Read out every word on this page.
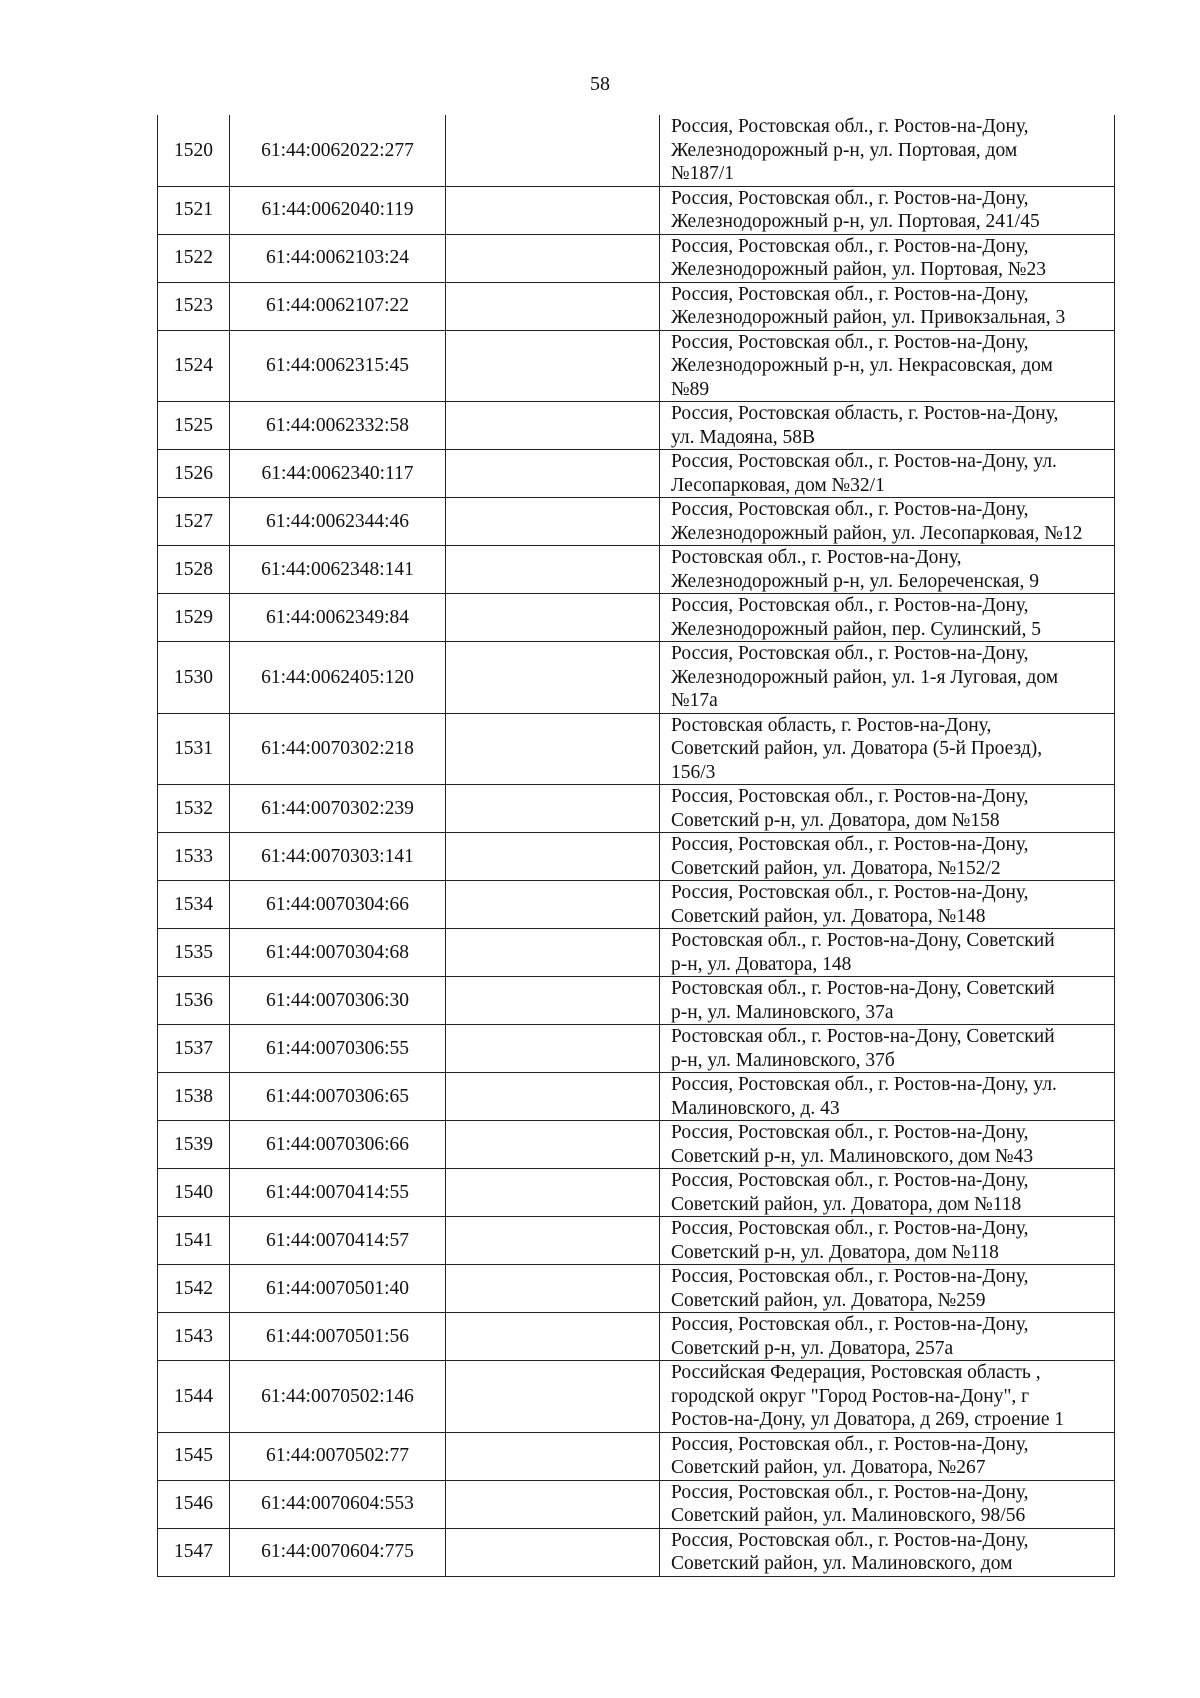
58
1520	61:44:0062022:277		Россия, Ростовская обл., г. Ростов-на-Дону,
Железнодорожный р-н, ул. Портовая, дом
№187/1

1521	61:44:0062040:119		Россия, Ростовская обл., г. Ростов-на-Дону,
Железнодорожный р-н, ул. Портовая, 241/45

1522	61:44:0062103:24		Россия, Ростовская обл., г. Ростов-на-Дону,
Железнодорожный район, ул. Портовая, №23

1523	61:44:0062107:22		Россия, Ростовская обл., г. Ростов-на-Дону,
Железнодорожный район, ул. Привокзальная, 3

1524	61:44:0062315:45		Россия, Ростовская обл., г. Ростов-на-Дону,
Железнодорожный р-н, ул. Некрасовская, дом
№89

1525	61:44:0062332:58		Россия, Ростовская область, г. Ростов-на-Дону,
ул. Мадояна, 58В

1526	61:44:0062340:117		Россия, Ростовская обл., г. Ростов-на-Дону, ул.
Лесопарковая, дом №32/1

1527	61:44:0062344:46		Россия, Ростовская обл., г. Ростов-на-Дону,
Железнодорожный район, ул. Лесопарковая, №12

1528	61:44:0062348:141		Ростовская обл., г. Ростов-на-Дону,
Железнодорожный р-н, ул. Белореченская, 9

1529	61:44:0062349:84		Россия, Ростовская обл., г. Ростов-на-Дону,
Железнодорожный район, пер. Сулинский, 5

1530	61:44:0062405:120		Россия, Ростовская обл., г. Ростов-на-Дону,
Железнодорожный район, ул. 1-я Луговая, дом
№17а

1531	61:44:0070302:218		Ростовская область, г. Ростов-на-Дону,
Советский район, ул. Доватора (5-й Проезд),
156/3

1532	61:44:0070302:239		Россия, Ростовская обл., г. Ростов-на-Дону,
Советский р-н, ул. Доватора, дом №158

1533	61:44:0070303:141		Россия, Ростовская обл., г. Ростов-на-Дону,
Советский район, ул. Доватора, №152/2

1534	61:44:0070304:66		Россия, Ростовская обл., г. Ростов-на-Дону,
Советский район, ул. Доватора, №148

1535	61:44:0070304:68		Ростовская обл., г. Ростов-на-Дону, Советский
р-н, ул. Доватора, 148

1536	61:44:0070306:30		Ростовская обл., г. Ростов-на-Дону, Советский
р-н, ул. Малиновского, 37а

1537	61:44:0070306:55		Ростовская обл., г. Ростов-на-Дону, Советский
р-н, ул. Малиновского, 37б

1538	61:44:0070306:65		Россия, Ростовская обл., г. Ростов-на-Дону, ул.
Малиновского, д. 43

1539	61:44:0070306:66		Россия, Ростовская обл., г. Ростов-на-Дону,
Советский р-н, ул. Малиновского, дом №43

1540	61:44:0070414:55		Россия, Ростовская обл., г. Ростов-на-Дону,
Советский район, ул. Доватора, дом №118

1541	61:44:0070414:57		Россия, Ростовская обл., г. Ростов-на-Дону,
Советский р-н, ул. Доватора, дом №118

1542	61:44:0070501:40		Россия, Ростовская обл., г. Ростов-на-Дону,
Советский район, ул. Доватора, №259

1543	61:44:0070501:56		Россия, Ростовская обл., г. Ростов-на-Дону,
Советский р-н, ул. Доватора, 257а

1544	61:44:0070502:146		Российская Федерация, Ростовская область ,
городской округ "Город Ростов-на-Дону", г
Ростов-на-Дону, ул Доватора, д 269, строение 1

1545	61:44:0070502:77		Россия, Ростовская обл., г. Ростов-на-Дону,
Советский район, ул. Доватора, №267

1546	61:44:0070604:553		Россия, Ростовская обл., г. Ростов-на-Дону,
Советский район, ул. Малиновского, 98/56

1547	61:44:0070604:775		Россия, Ростовская обл., г. Ростов-на-Дону,
Советский район, ул. Малиновского, дом
